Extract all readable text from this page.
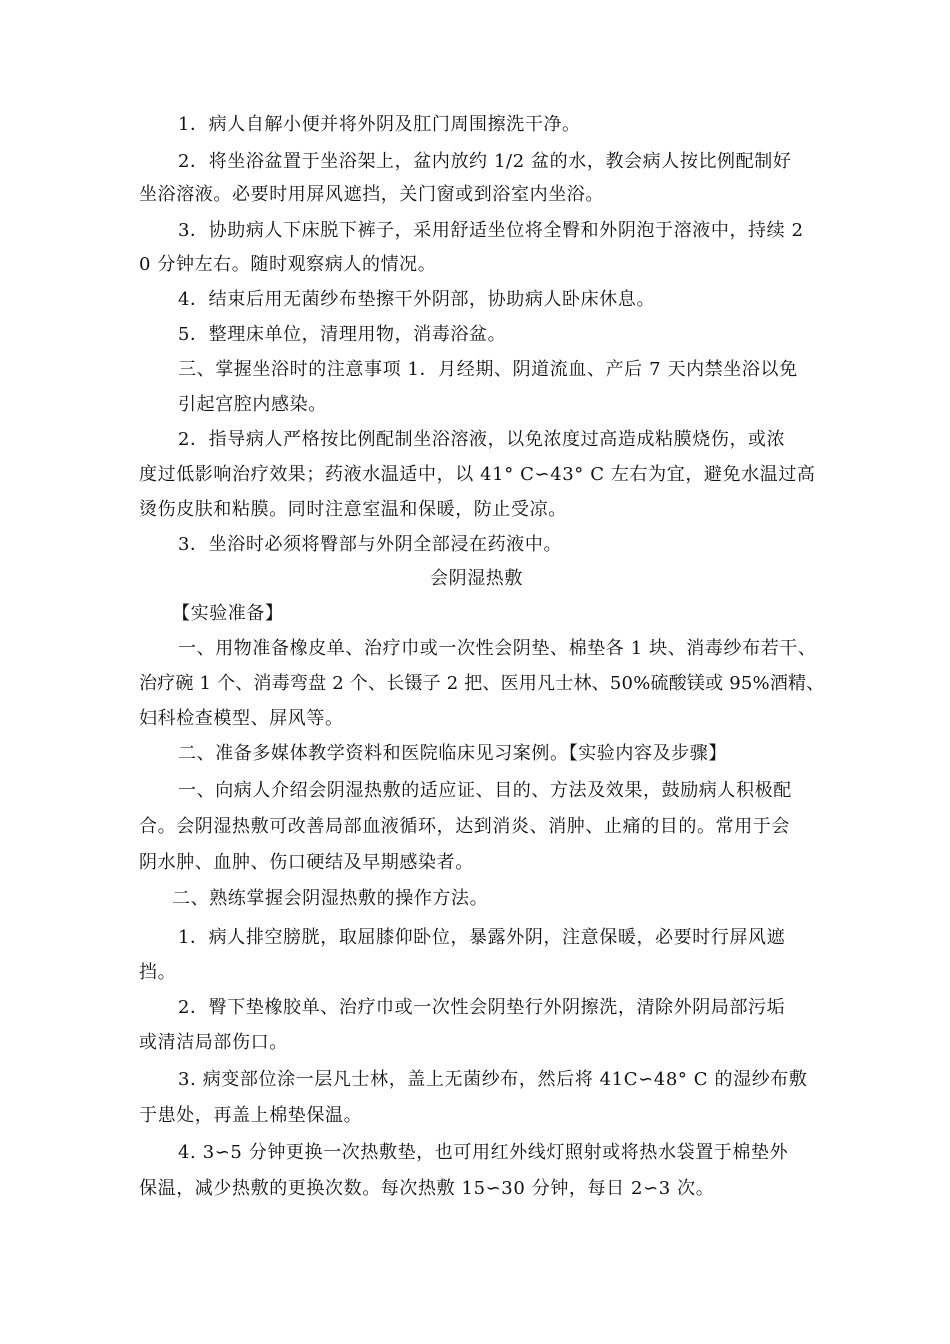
1．病人自解小便并将外阴及肛门周围擦洗干净。
2．将坐浴盆置于坐浴架上，盆内放约 1/2 盆的水，教会病人按比例配制好
坐浴溶液。必要时用屏风遮挡，关门窗或到浴室内坐浴。
3．协助病人下床脱下裤子，采用舒适坐位将全臀和外阴泡于溶液中，持续 2
0 分钟左右。随时观察病人的情况。
4．结束后用无菌纱布垫擦干外阴部，协助病人卧床休息。
5．整理床单位，清理用物，消毒浴盆。
三、掌握坐浴时的注意事项 1．月经期、阴道流血、产后 7 天内禁坐浴以免
引起宫腔内感染。
2．指导病人严格按比例配制坐浴溶液，以免浓度过高造成粘膜烧伤，或浓
度过低影响治疗效果；药液水温适中，以 41° C∽43° C 左右为宜，避免水温过高
烫伤皮肤和粘膜。同时注意室温和保暖，防止受凉。
3．坐浴时必须将臀部与外阴全部浸在药液中。
会阴湿热敷
【实验准备】
一、用物准备橡皮单、治疗巾或一次性会阴垫、棉垫各 1 块、消毒纱布若干、
治疗碗 1 个、消毒弯盘 2 个、长镊子 2 把、医用凡士林、50%硫酸镁或 95%酒精、
妇科检查模型、屏风等。
二、准备多媒体教学资料和医院临床见习案例。【实验内容及步骤】
一、向病人介绍会阴湿热敷的适应证、目的、方法及效果，鼓励病人积极配
合。会阴湿热敷可改善局部血液循环，达到消炎、消肿、止痛的目的。常用于会
阴水肿、血肿、伤口硬结及早期感染者。
二、熟练掌握会阴湿热敷的操作方法。
1．病人排空膀胱，取屈膝仰卧位，暴露外阴，注意保暖，必要时行屏风遮
挡。
2．臀下垫橡胶单、治疗巾或一次性会阴垫行外阴擦洗，清除外阴局部污垢
或清洁局部伤口。
3. 病变部位涂一层凡士林，盖上无菌纱布，然后将 41C∽48° C 的湿纱布敷
于患处，再盖上棉垫保温。
4. 3∽5 分钟更换一次热敷垫，也可用红外线灯照射或将热水袋置于棉垫外
保温，减少热敷的更换次数。每次热敷 15∽30 分钟，每日 2∽3 次。
